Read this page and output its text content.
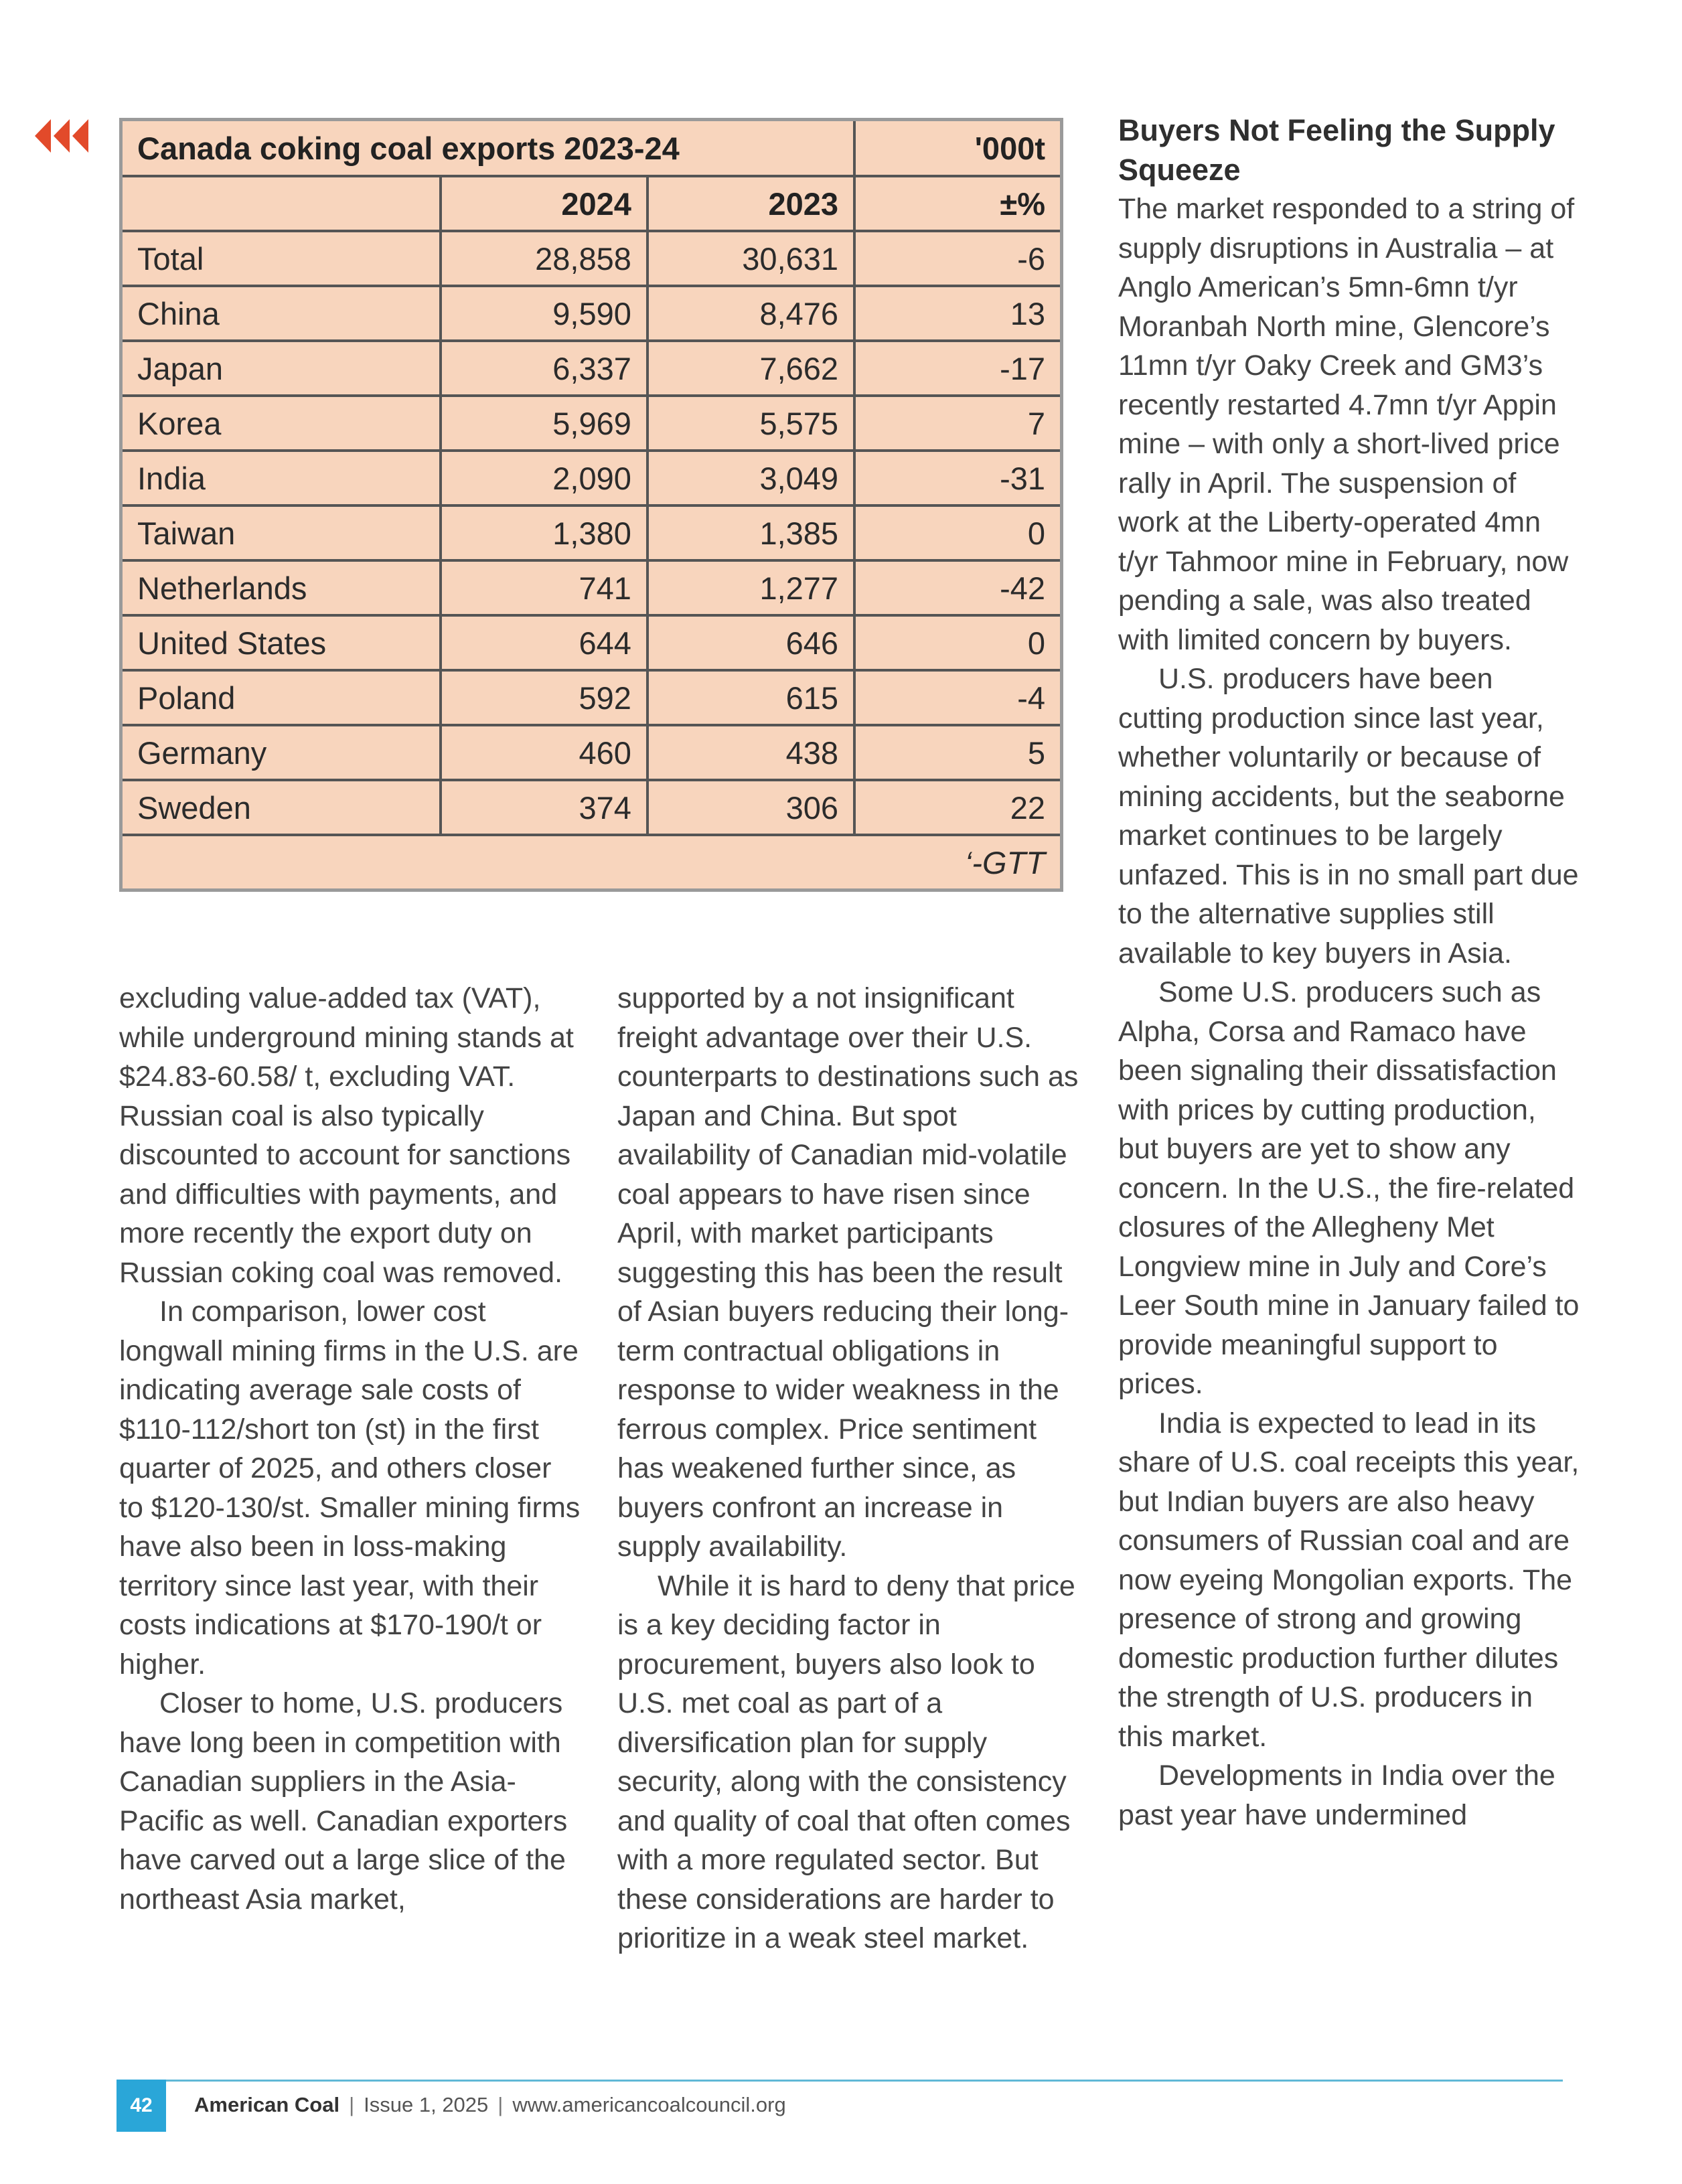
Canada coking coal exports 2023-24			'000t
	2024	2023	±%
Total	28,858	30,631	-6
China	9,590	8,476	13
Japan	6,337	7,662	-17
Korea	5,969	5,575	7
India	2,090	3,049	-31
Taiwan	1,380	1,385	0
Netherlands	741	1,277	-42
United States	644	646	0
Poland	592	615	-4
Germany	460	438	5
Sweden	374	306	22
‘-GTT			

excluding value-added tax (VAT), while underground mining stands at $24.83-60.58/ t, excluding VAT. Russian coal is also typically discounted to account for sanctions and difficulties with payments, and more recently the export duty on Russian coking coal was removed.

In comparison, lower cost longwall mining firms in the U.S. are indicating average sale costs of $110-112/short ton (st) in the first quarter of 2025, and others closer to $120-130/st. Smaller mining firms have also been in loss-making territory since last year, with their costs indications at $170-190/t or higher.

Closer to home, U.S. producers have long been in competition with Canadian suppliers in the Asia-Pacific as well. Canadian exporters have carved out a large slice of the northeast Asia market,

supported by a not insignificant freight advantage over their U.S. counterparts to destinations such as Japan and China. But spot availability of Canadian mid-volatile coal appears to have risen since April, with market participants suggesting this has been the result of Asian buyers reducing their long-term contractual obligations in response to wider weakness in the ferrous complex. Price sentiment has weakened further since, as buyers confront an increase in supply availability.

While it is hard to deny that price is a key deciding factor in procurement, buyers also look to U.S. met coal as part of a diversification plan for supply security, along with the consistency and quality of coal that often comes with a more regulated sector. But these considerations are harder to prioritize in a weak steel market.

Buyers Not Feeling the Supply Squeeze

The market responded to a string of supply disruptions in Australia – at Anglo American’s 5mn-6mn t/yr Moranbah North mine, Glencore’s 11mn t/yr Oaky Creek and GM3’s recently restarted 4.7mn t/yr Appin mine – with only a short-lived price rally in April. The suspension of work at the Liberty-operated 4mn t/yr Tahmoor mine in February, now pending a sale, was also treated with limited concern by buyers.

U.S. producers have been cutting production since last year, whether voluntarily or because of mining accidents, but the seaborne market continues to be largely unfazed. This is in no small part due to the alternative supplies still available to key buyers in Asia.

Some U.S. producers such as Alpha, Corsa and Ramaco have been signaling their dissatisfaction with prices by cutting production, but buyers are yet to show any concern. In the U.S., the fire-related closures of the Allegheny Met Longview mine in July and Core’s Leer South mine in January failed to provide meaningful support to prices.

India is expected to lead in its share of U.S. coal receipts this year, but Indian buyers are also heavy consumers of Russian coal and are now eyeing Mongolian exports. The presence of strong and growing domestic production further dilutes the strength of U.S. producers in this market.

Developments in India over the past year have undermined

42	American Coal | Issue 1, 2025 | www.americancoalcouncil.org
